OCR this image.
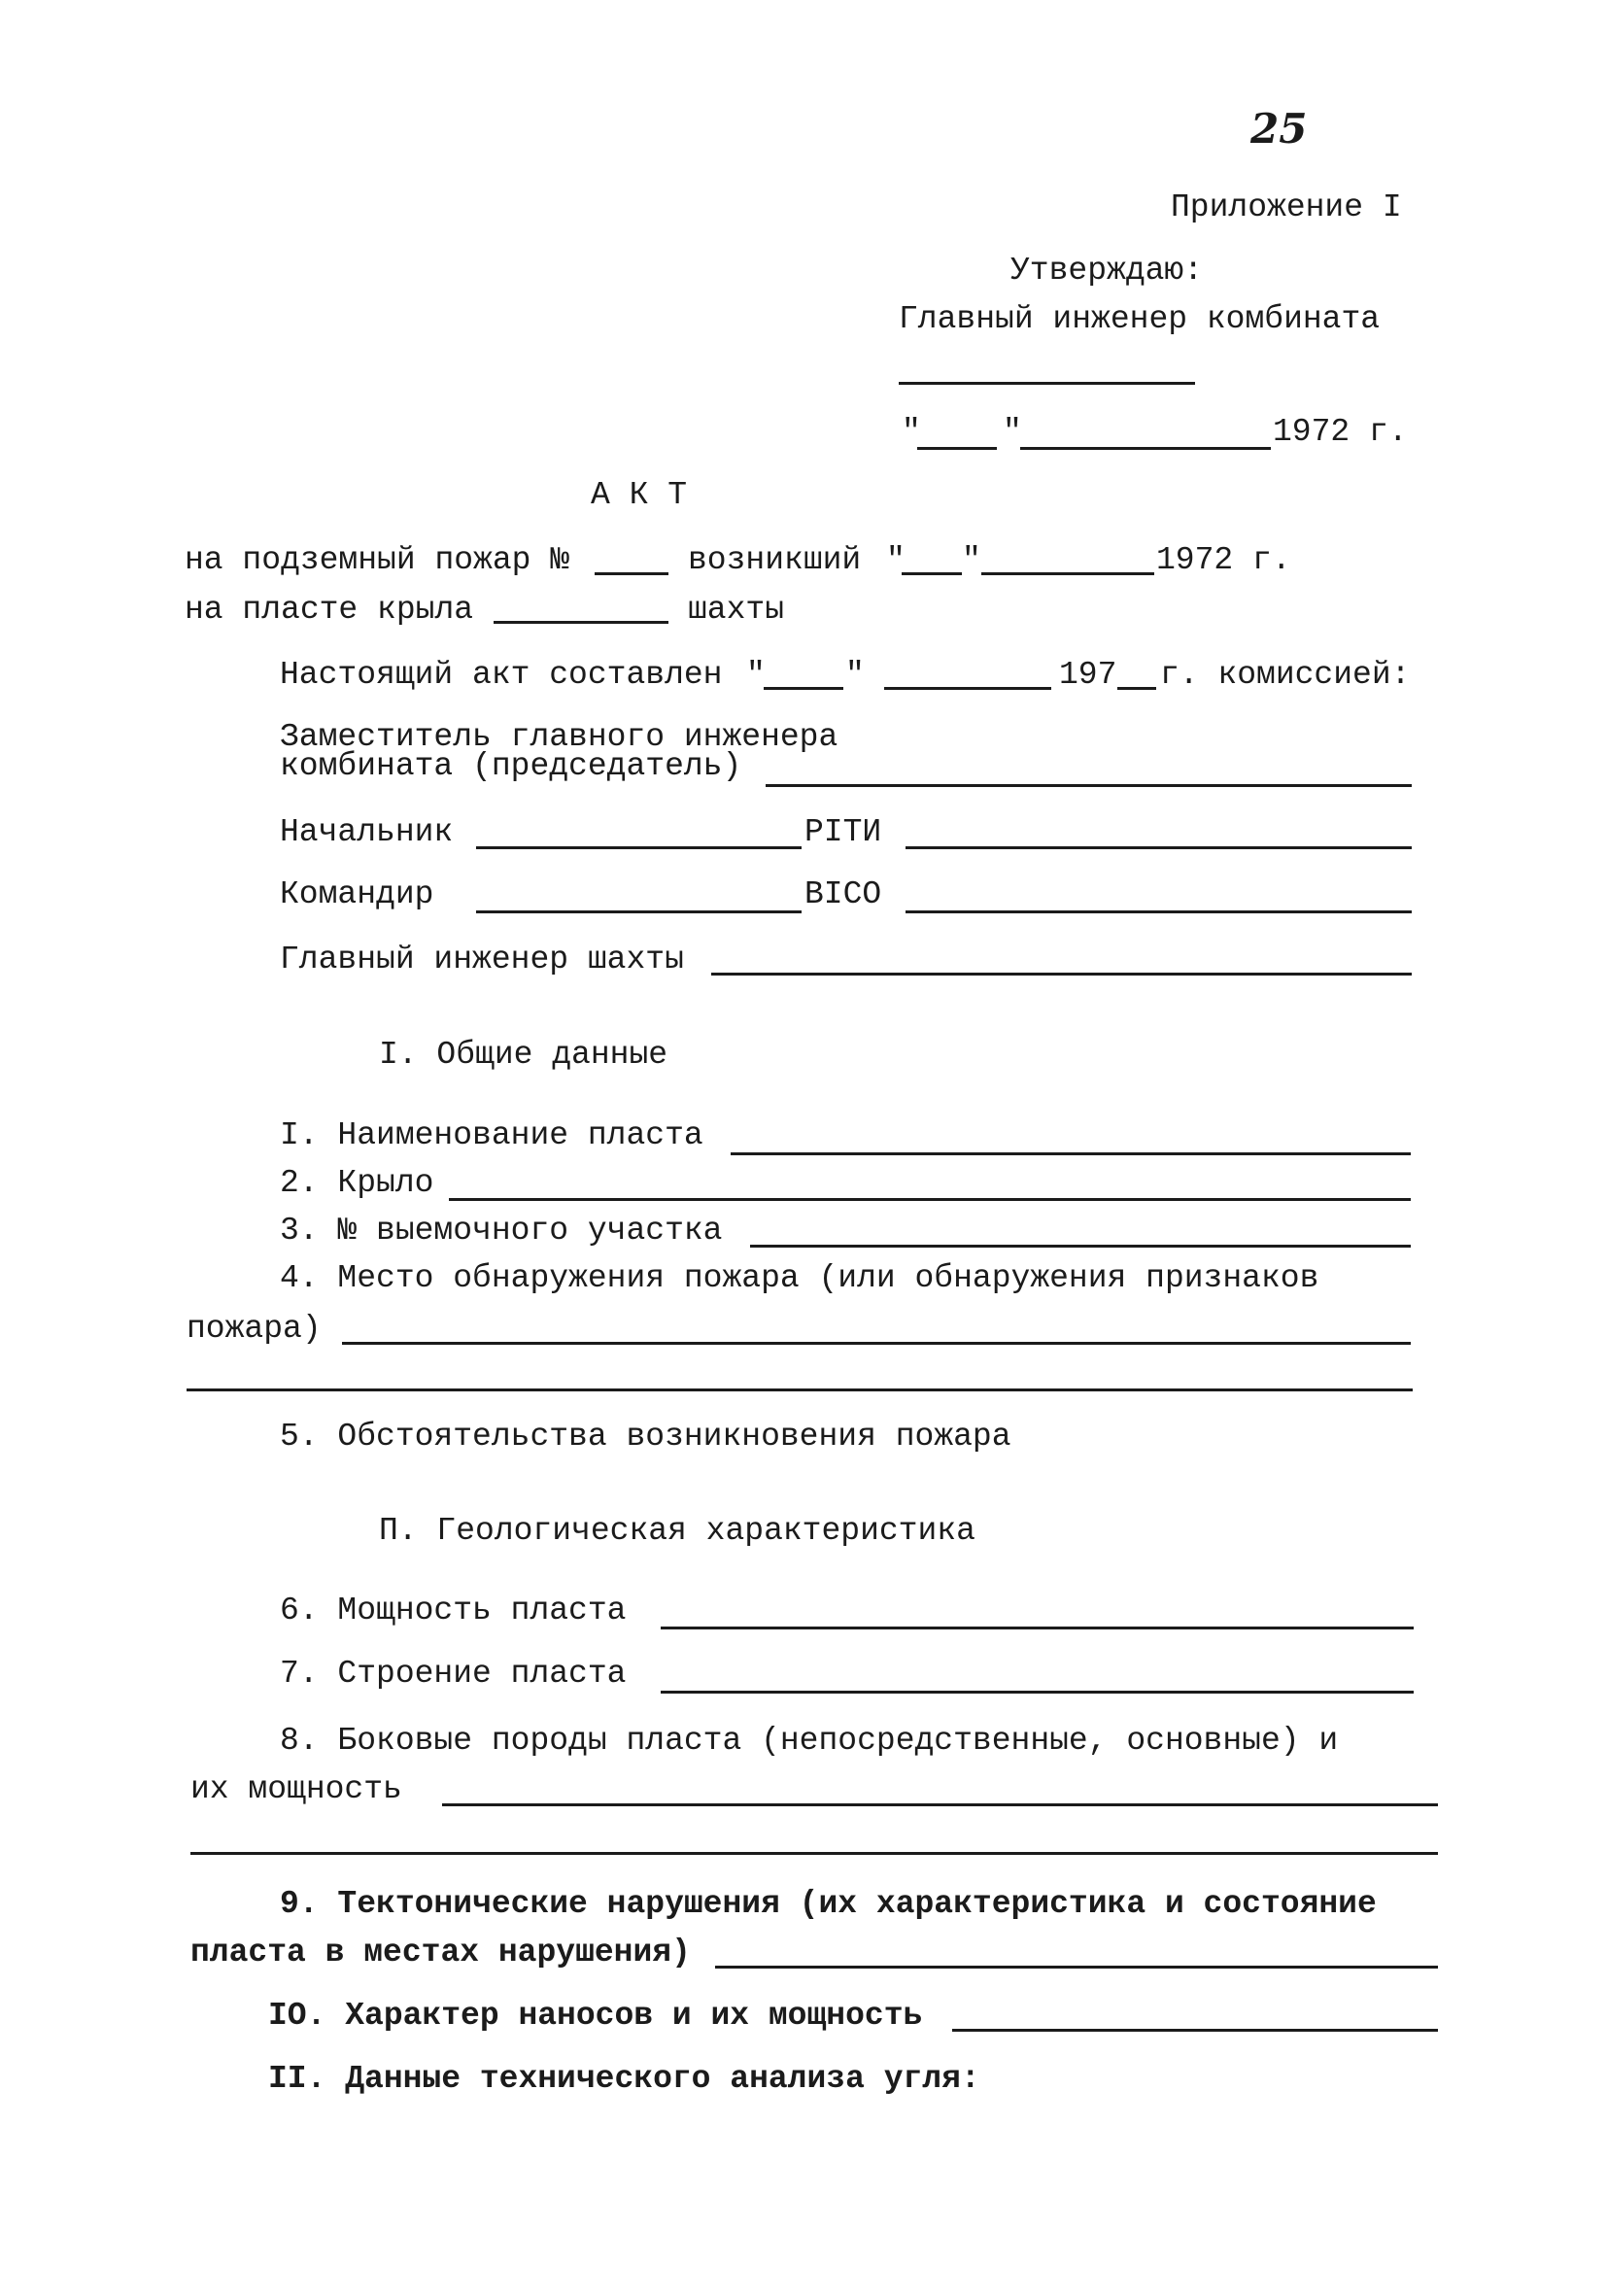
25
Приложение I
Утверждаю:
Главный инженер комбината
"	"	1972 г.
А К Т
на подземный пожар №	возникший " "	1972 г.
на пласте крыла	шахты
Настоящий акт составлен " "	197 г. комиссией:
Заместитель главного инженера
комбината (председатель)
Начальник	PIТИ
Командир	BIСО
Главный инженер шахты
I. Общие данные
I. Наименование пласта
2. Крыло
3. № выемочного участка
4. Место обнаружения пожара (или обнаружения признаков
пожара)
5. Обстоятельства возникновения пожара
П. Геологическая характеристика
6. Мощность пласта
7. Строение пласта
8. Боковые породы пласта (непосредственные, основные) и
их мощность
9. Тектонические нарушения (их характеристика и состояние
пласта в местах нарушения)
IO. Характер наносов и их мощность
II. Данные технического анализа угля:
